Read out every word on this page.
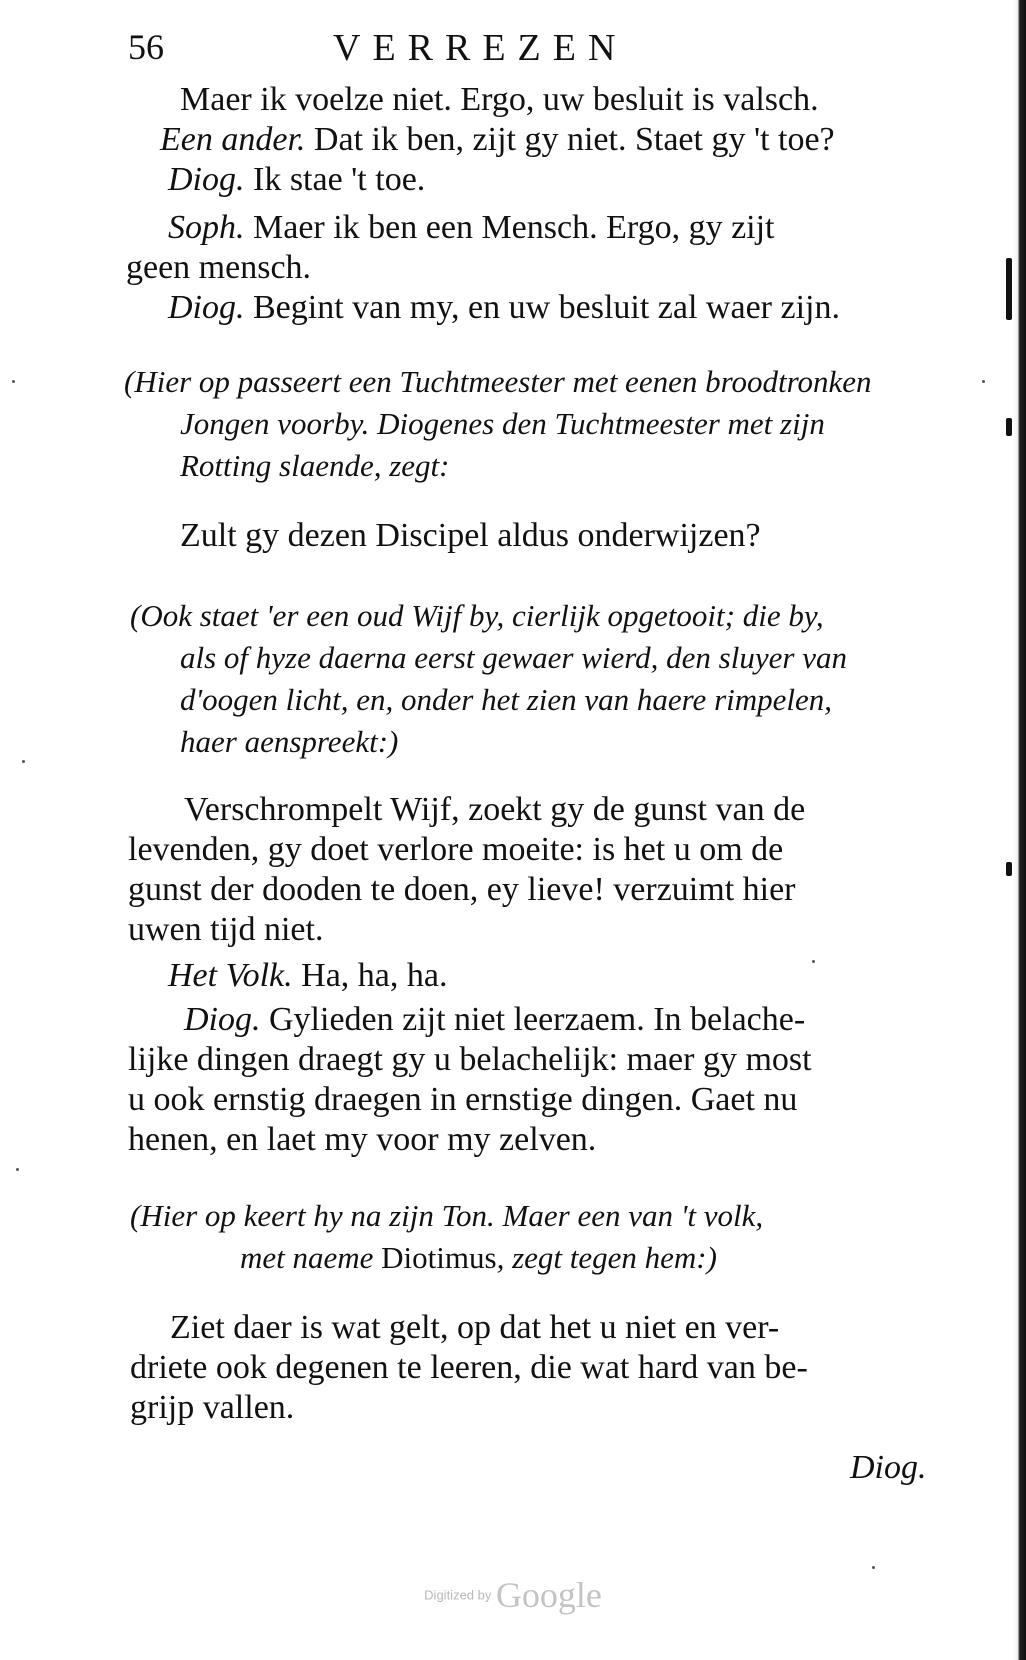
56	VERREZEN
Maer ik voelze niet. Ergo, uw besluit is valsch.
Een ander. Dat ik ben, zijt gy niet. Staet gy 't toe?
Diog. Ik stae 't toe.
Soph. Maer ik ben een Mensch. Ergo, gy zijt
geen mensch.
Diog. Begint van my, en uw besluit zal waer zijn.
(Hier op passeert een Tuchtmeester met eenen broodtronken
Jongen voorby. Diogenes den Tuchtmeester met zijn
Rotting slaende, zegt:
Zult gy dezen Discipel aldus onderwijzen?
(Ook staet 'er een oud Wijf by, cierlijk opgetooit; die by,
als of hyze daerna eerst gewaer wierd, den sluyer van
d'oogen licht, en, onder het zien van haere rimpelen,
haer aenspreekt:)
Verschrompelt Wijf, zoekt gy de gunst van de
levenden, gy doet verlore moeite: is het u om de
gunst der dooden te doen, ey lieve! verzuimt hier
uwen tijd niet.
Het Volk. Ha, ha, ha.
Diog. Gylieden zijt niet leerzaem. In belache-
lijke dingen draegt gy u belachelijk: maer gy most
u ook ernstig draegen in ernstige dingen. Gaet nu
henen, en laet my voor my zelven.
(Hier op keert hy na zijn Ton. Maer een van 't volk,
met naeme Diotimus, zegt tegen hem:)
Ziet daer is wat gelt, op dat het u niet en ver-
driete ook degenen te leeren, die wat hard van be-
grijp vallen.
Diog.
Digitized by Google
